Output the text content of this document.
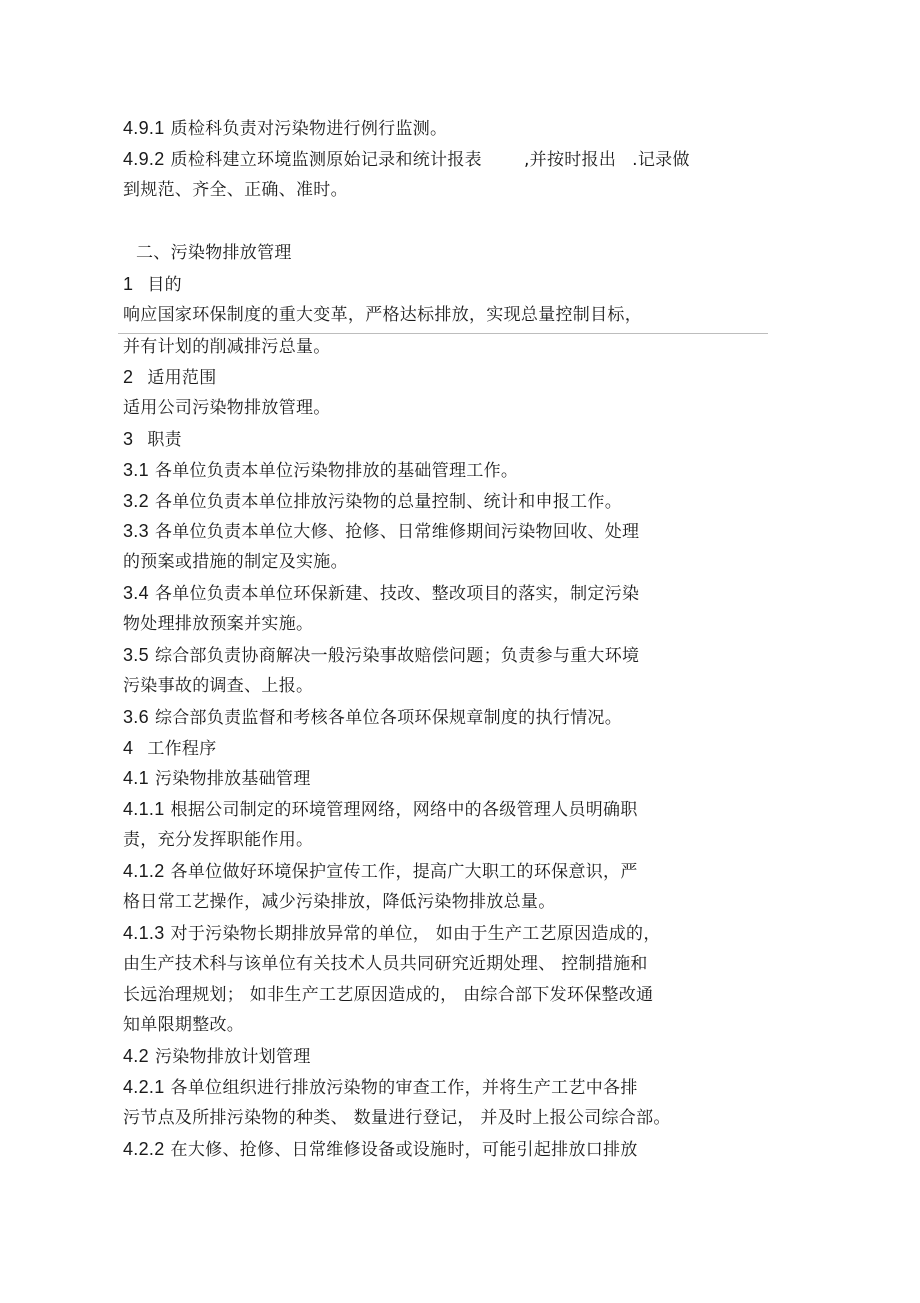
4.9.1 质检科负责对污染物进行例行监测。
4.9.2 质检科建立环境监测原始记录和统计报表 ,并按时报出 .记录做
到规范、齐全、正确、准时。
二、污染物排放管理
1 目的
响应国家环保制度的重大变革，严格达标排放，实现总量控制目标，
并有计划的削减排污总量。
2 适用范围
适用公司污染物排放管理。
3 职责
3.1 各单位负责本单位污染物排放的基础管理工作。
3.2 各单位负责本单位排放污染物的总量控制、统计和申报工作。
3.3 各单位负责本单位大修、抢修、日常维修期间污染物回收、处理
的预案或措施的制定及实施。
3.4 各单位负责本单位环保新建、技改、整改项目的落实，制定污染
物处理排放预案并实施。
3.5 综合部负责协商解决一般污染事故赔偿问题；负责参与重大环境
污染事故的调查、上报。
3.6 综合部负责监督和考核各单位各项环保规章制度的执行情况。
4 工作程序
4.1 污染物排放基础管理
4.1.1 根据公司制定的环境管理网络，网络中的各级管理人员明确职
责，充分发挥职能作用。
4.1.2 各单位做好环境保护宣传工作，提高广大职工的环保意识，严
格日常工艺操作，减少污染排放，降低污染物排放总量。
4.1.3 对于污染物长期排放异常的单位， 如由于生产工艺原因造成的，
由生产技术科与该单位有关技术人员共同研究近期处理、 控制措施和
长远治理规划； 如非生产工艺原因造成的， 由综合部下发环保整改通
知单限期整改。
4.2 污染物排放计划管理
4.2.1 各单位组织进行排放污染物的审查工作，并将生产工艺中各排
污节点及所排污染物的种类、 数量进行登记， 并及时上报公司综合部。
4.2.2 在大修、抢修、日常维修设备或设施时，可能引起排放口排放
